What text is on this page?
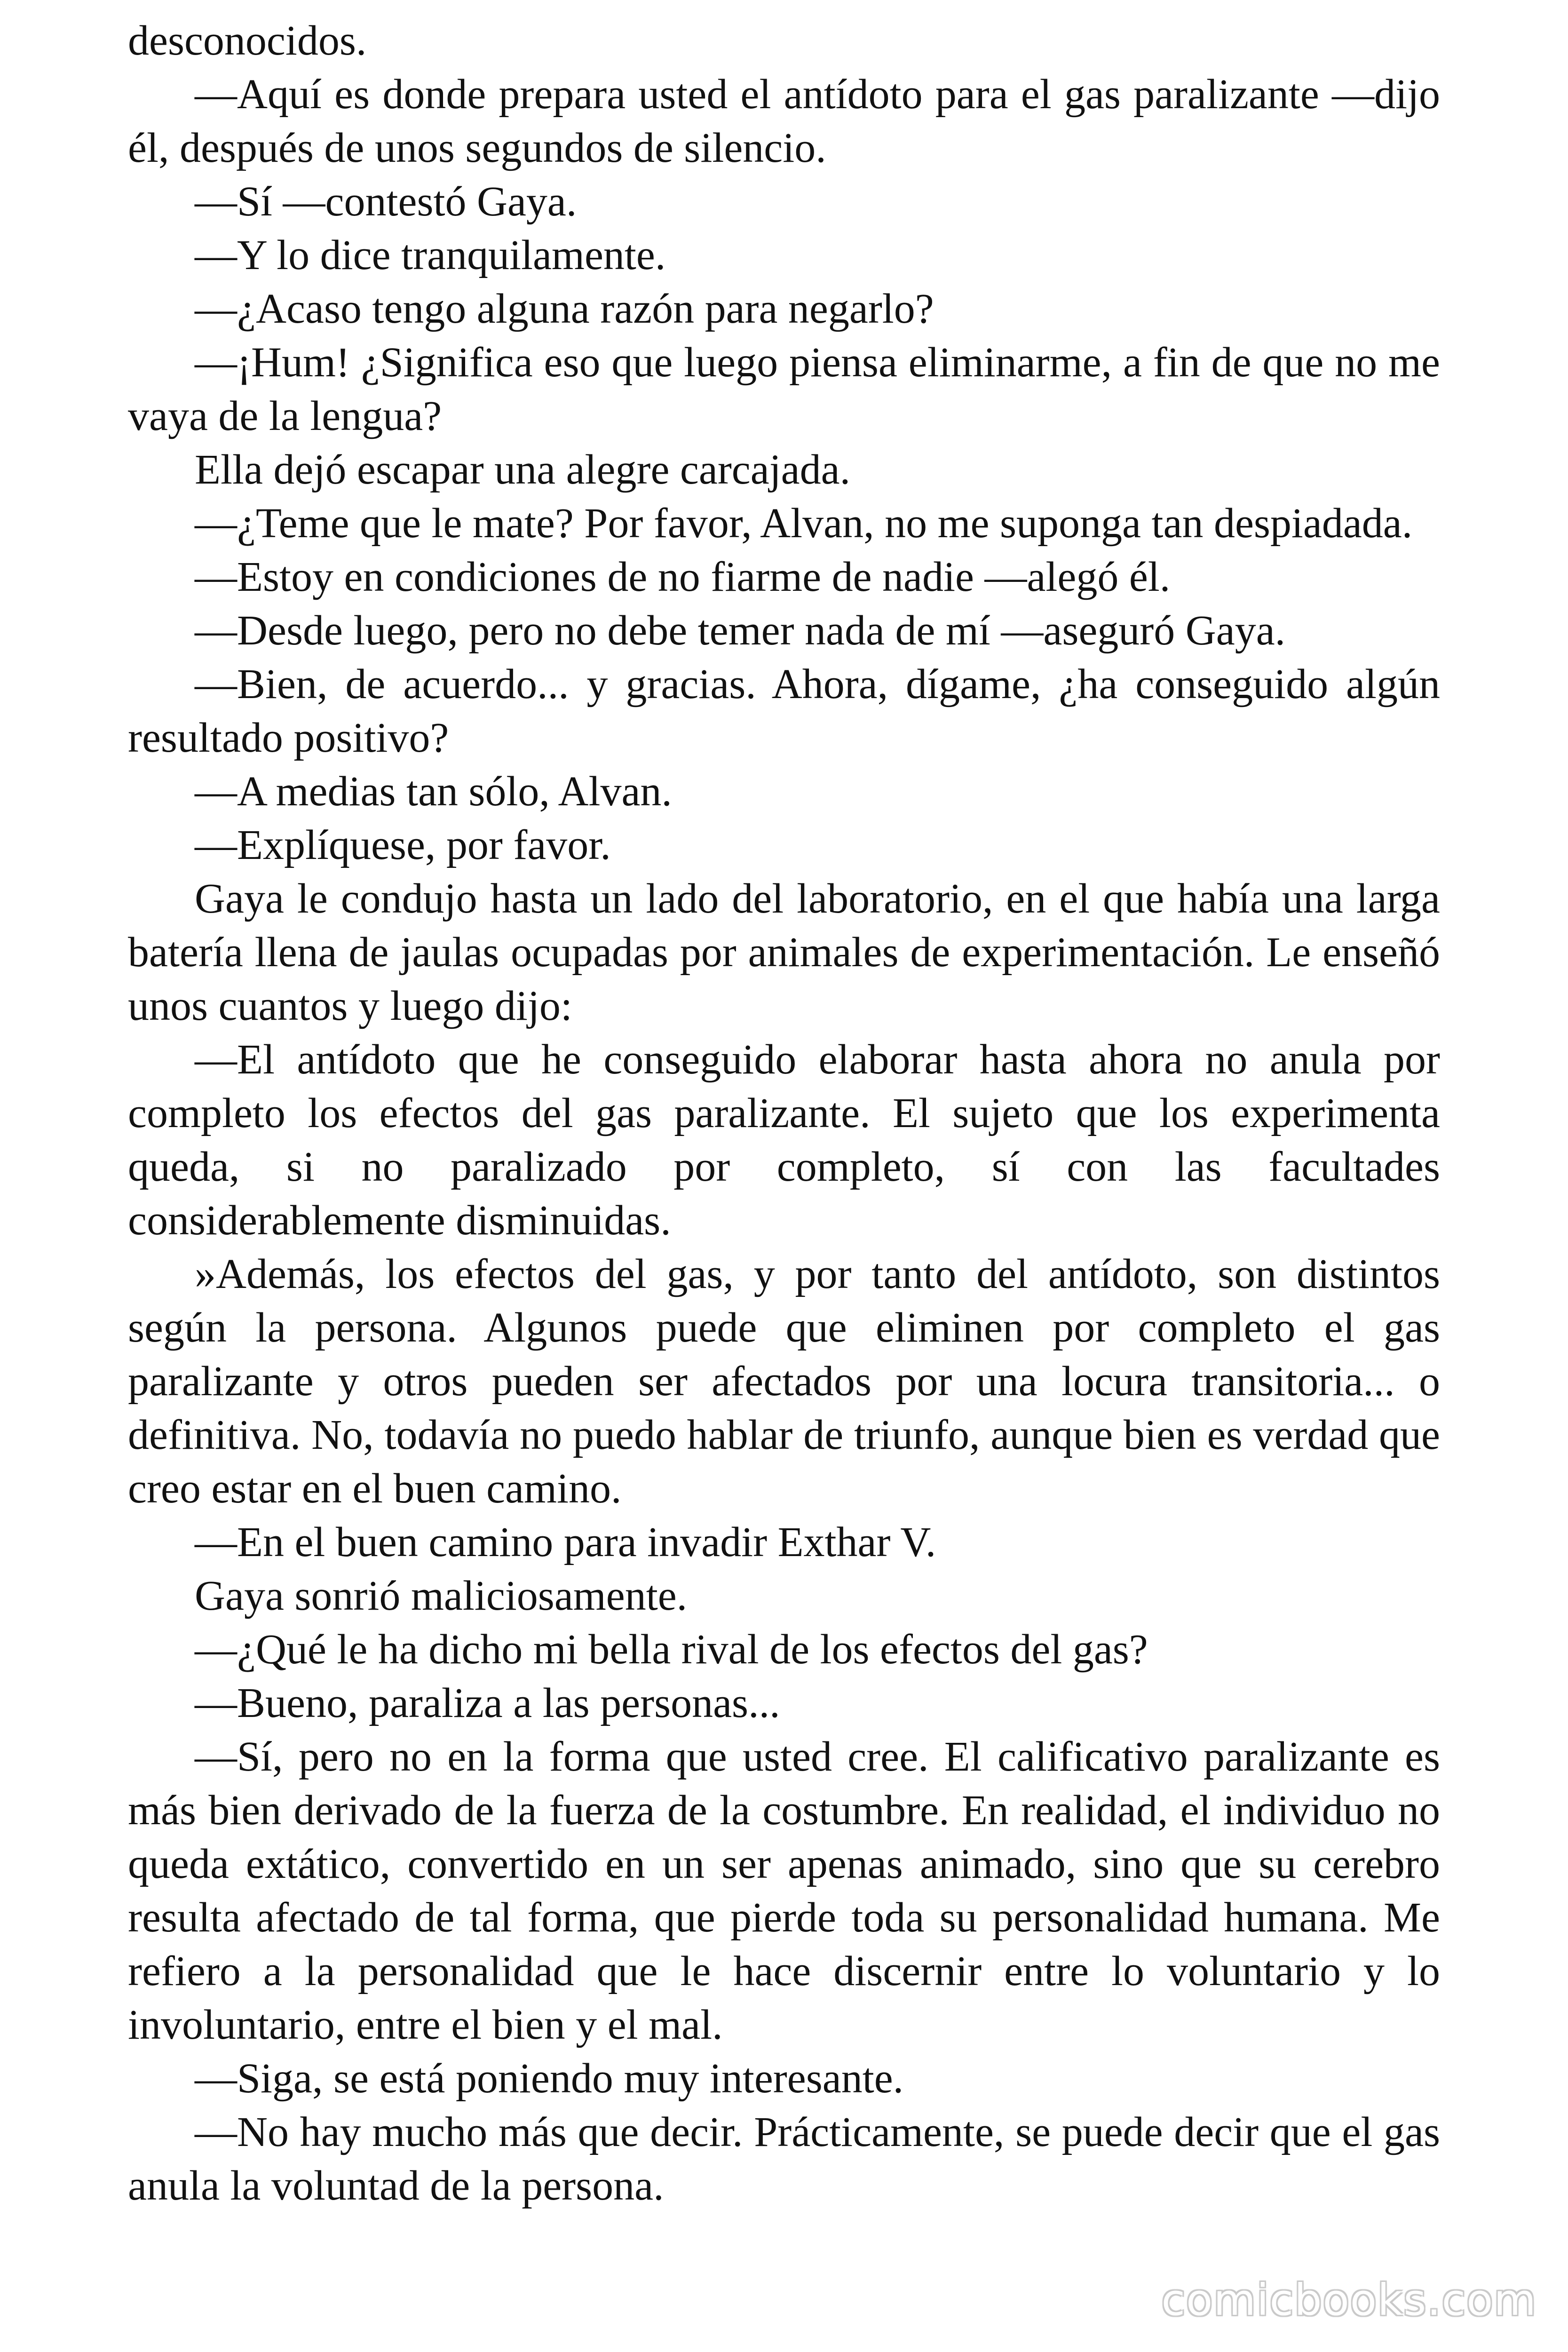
desconocidos.

—Aquí es donde prepara usted el antídoto para el gas paralizante —dijo él, después de unos segundos de silencio.

—Sí —contestó Gaya.

—Y lo dice tranquilamente.

—¿Acaso tengo alguna razón para negarlo?

—¡Hum! ¿Significa eso que luego piensa eliminarme, a fin de que no me vaya de la lengua?

Ella dejó escapar una alegre carcajada.

—¿Teme que le mate? Por favor, Alvan, no me suponga tan despiadada.

—Estoy en condiciones de no fiarme de nadie —alegó él.

—Desde luego, pero no debe temer nada de mí —aseguró Gaya.

—Bien, de acuerdo... y gracias. Ahora, dígame, ¿ha conseguido algún resultado positivo?

—A medias tan sólo, Alvan.

—Explíquese, por favor.

Gaya le condujo hasta un lado del laboratorio, en el que había una larga batería llena de jaulas ocupadas por animales de experimentación. Le enseñó unos cuantos y luego dijo:

—El antídoto que he conseguido elaborar hasta ahora no anula por completo los efectos del gas paralizante. El sujeto que los experimenta queda, si no paralizado por completo, sí con las facultades considerablemente disminuidas.

»Además, los efectos del gas, y por tanto del antídoto, son distintos según la persona. Algunos puede que eliminen por completo el gas paralizante y otros pueden ser afectados por una locura transitoria... o definitiva. No, todavía no puedo hablar de triunfo, aunque bien es verdad que creo estar en el buen camino.

—En el buen camino para invadir Exthar V.

Gaya sonrió maliciosamente.

—¿Qué le ha dicho mi bella rival de los efectos del gas?

—Bueno, paraliza a las personas...

—Sí, pero no en la forma que usted cree. El calificativo paralizante es más bien derivado de la fuerza de la costumbre. En realidad, el individuo no queda extático, convertido en un ser apenas animado, sino que su cerebro resulta afectado de tal forma, que pierde toda su personalidad humana. Me refiero a la personalidad que le hace discernir entre lo voluntario y lo involuntario, entre el bien y el mal.

—Siga, se está poniendo muy interesante.

—No hay mucho más que decir. Prácticamente, se puede decir que el gas anula la voluntad de la persona.

comicbooks.com
